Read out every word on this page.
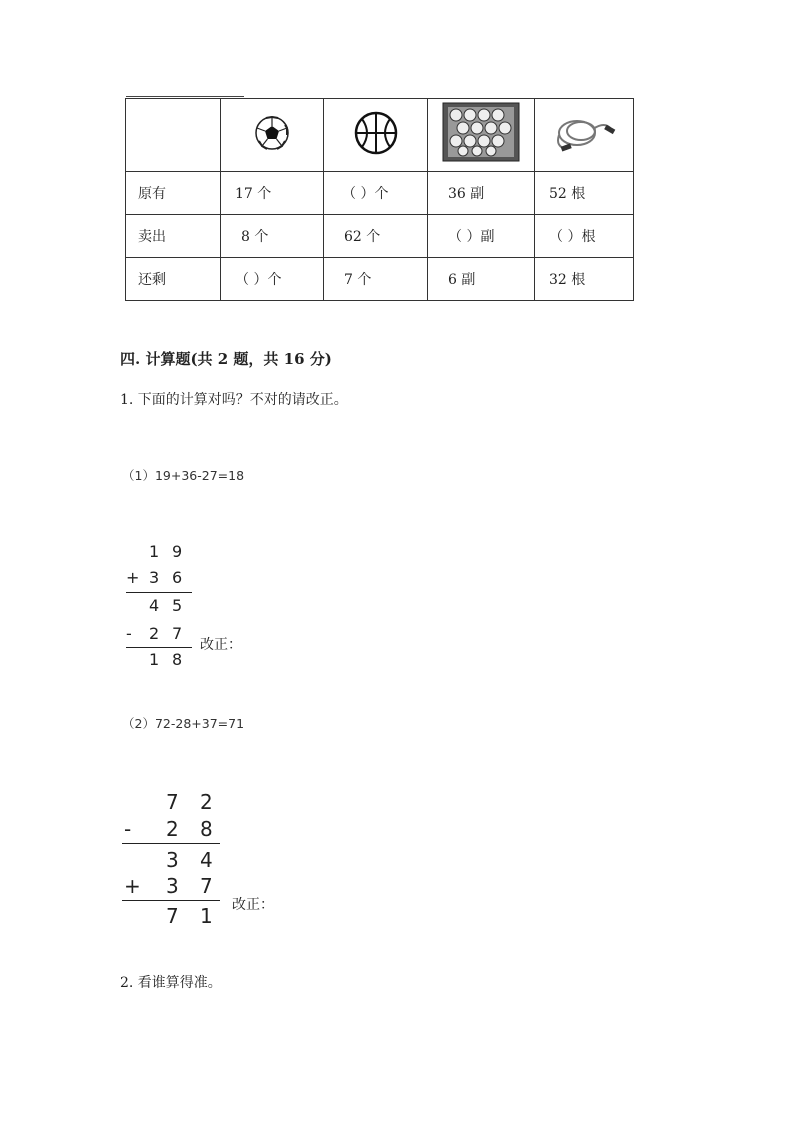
原有	17 个	（ ）个	36 副	52 根
卖出	8 个	62 个	（ ）副	（ ）根
还剩	（ ）个	7 个	6 副	32 根
四. 计算题(共 2 题，共 16 分)
1. 下面的计算对吗？不对的请改正。
（1）19+36-27=18
1 9
+ 3 6
4 5
- 2 7
1 8
改正：
（2）72-28+37=71
7 2
- 2 8
3 4
+ 3 7
7 1 改正：
2. 看谁算得准。
